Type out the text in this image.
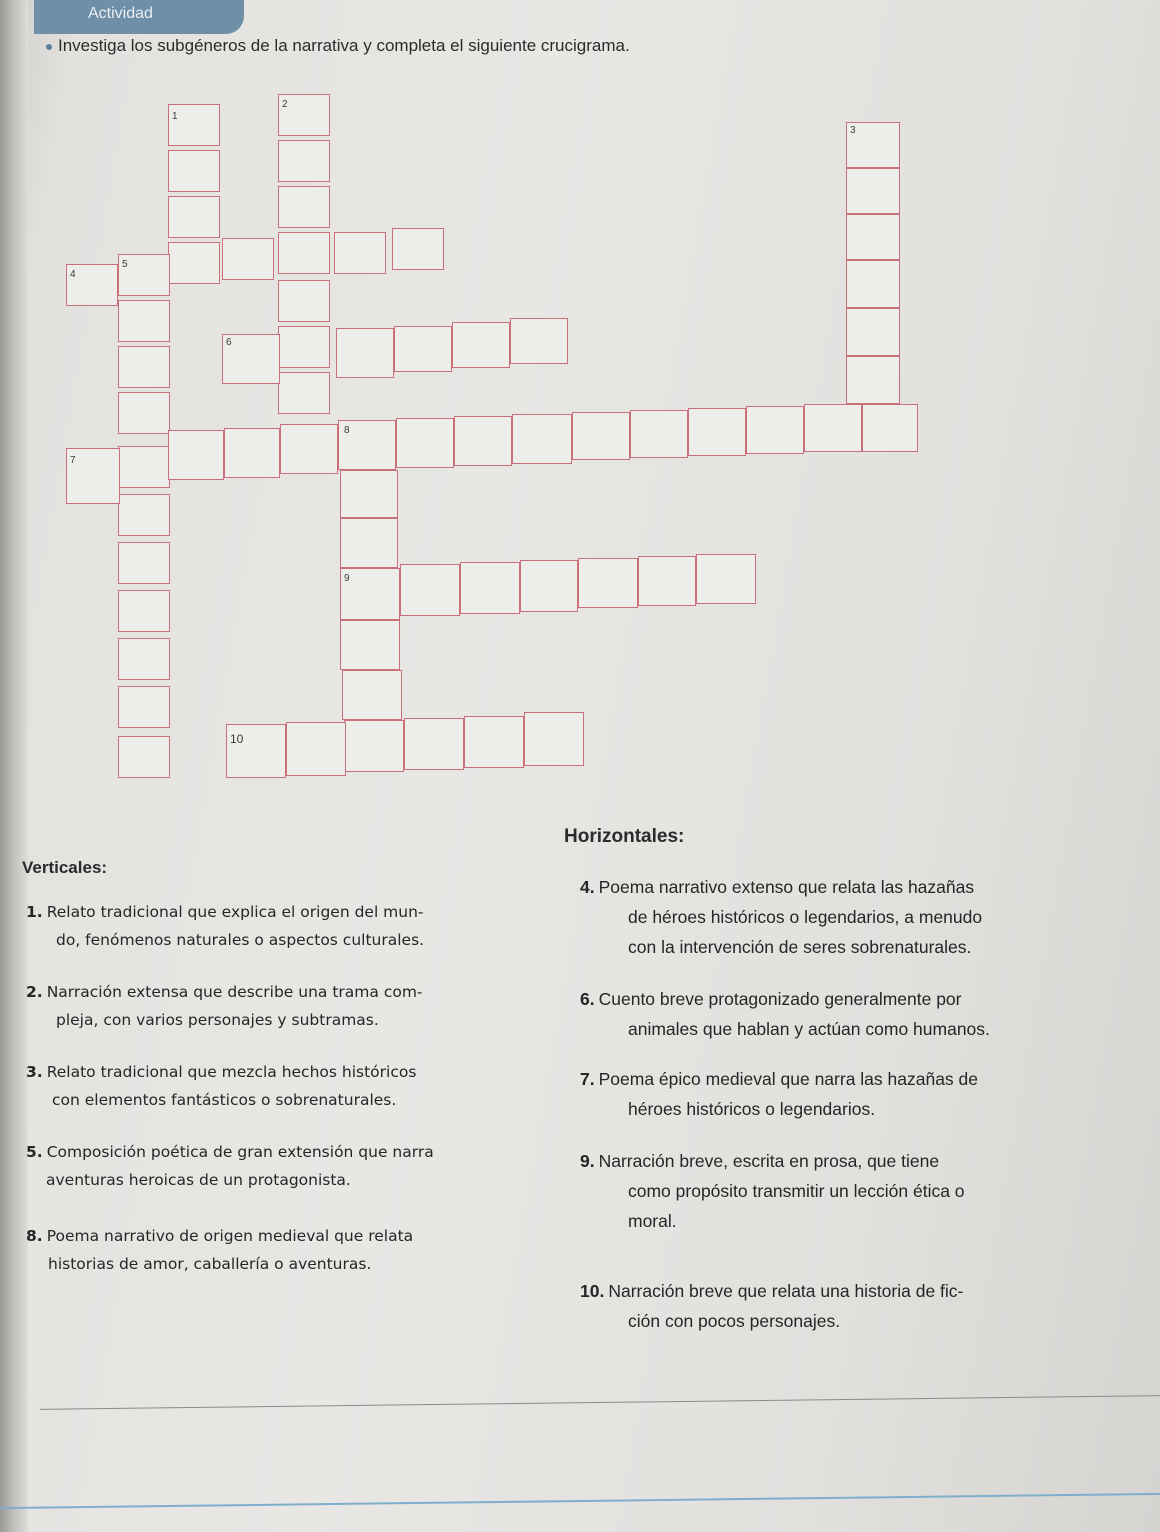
Actividad
Investiga los subgéneros de la narrativa y completa el siguiente crucigrama.
1
2
3
4
5
6
7
8
9
10
Horizontales:
Verticales:
1. Relato tradicional que explica el origen del mun-
do, fenómenos naturales o aspectos culturales.
2. Narración extensa que describe una trama com-
pleja, con varios personajes y subtramas.
3. Relato tradicional que mezcla hechos históricos
con elementos fantásticos o sobrenaturales.
5. Composición poética de gran extensión que narra
aventuras heroicas de un protagonista.
8. Poema narrativo de origen medieval que relata
historias de amor, caballería o aventuras.
4. Poema narrativo extenso que relata las hazañas
de héroes históricos o legendarios, a menudo
con la intervención de seres sobrenaturales.
6. Cuento breve protagonizado generalmente por
animales que hablan y actúan como humanos.
7. Poema épico medieval que narra las hazañas de
héroes históricos o legendarios.
9. Narración breve, escrita en prosa, que tiene
como propósito transmitir un lección ética o
moral.
10. Narración breve que relata una historia de fic-
ción con pocos personajes.
